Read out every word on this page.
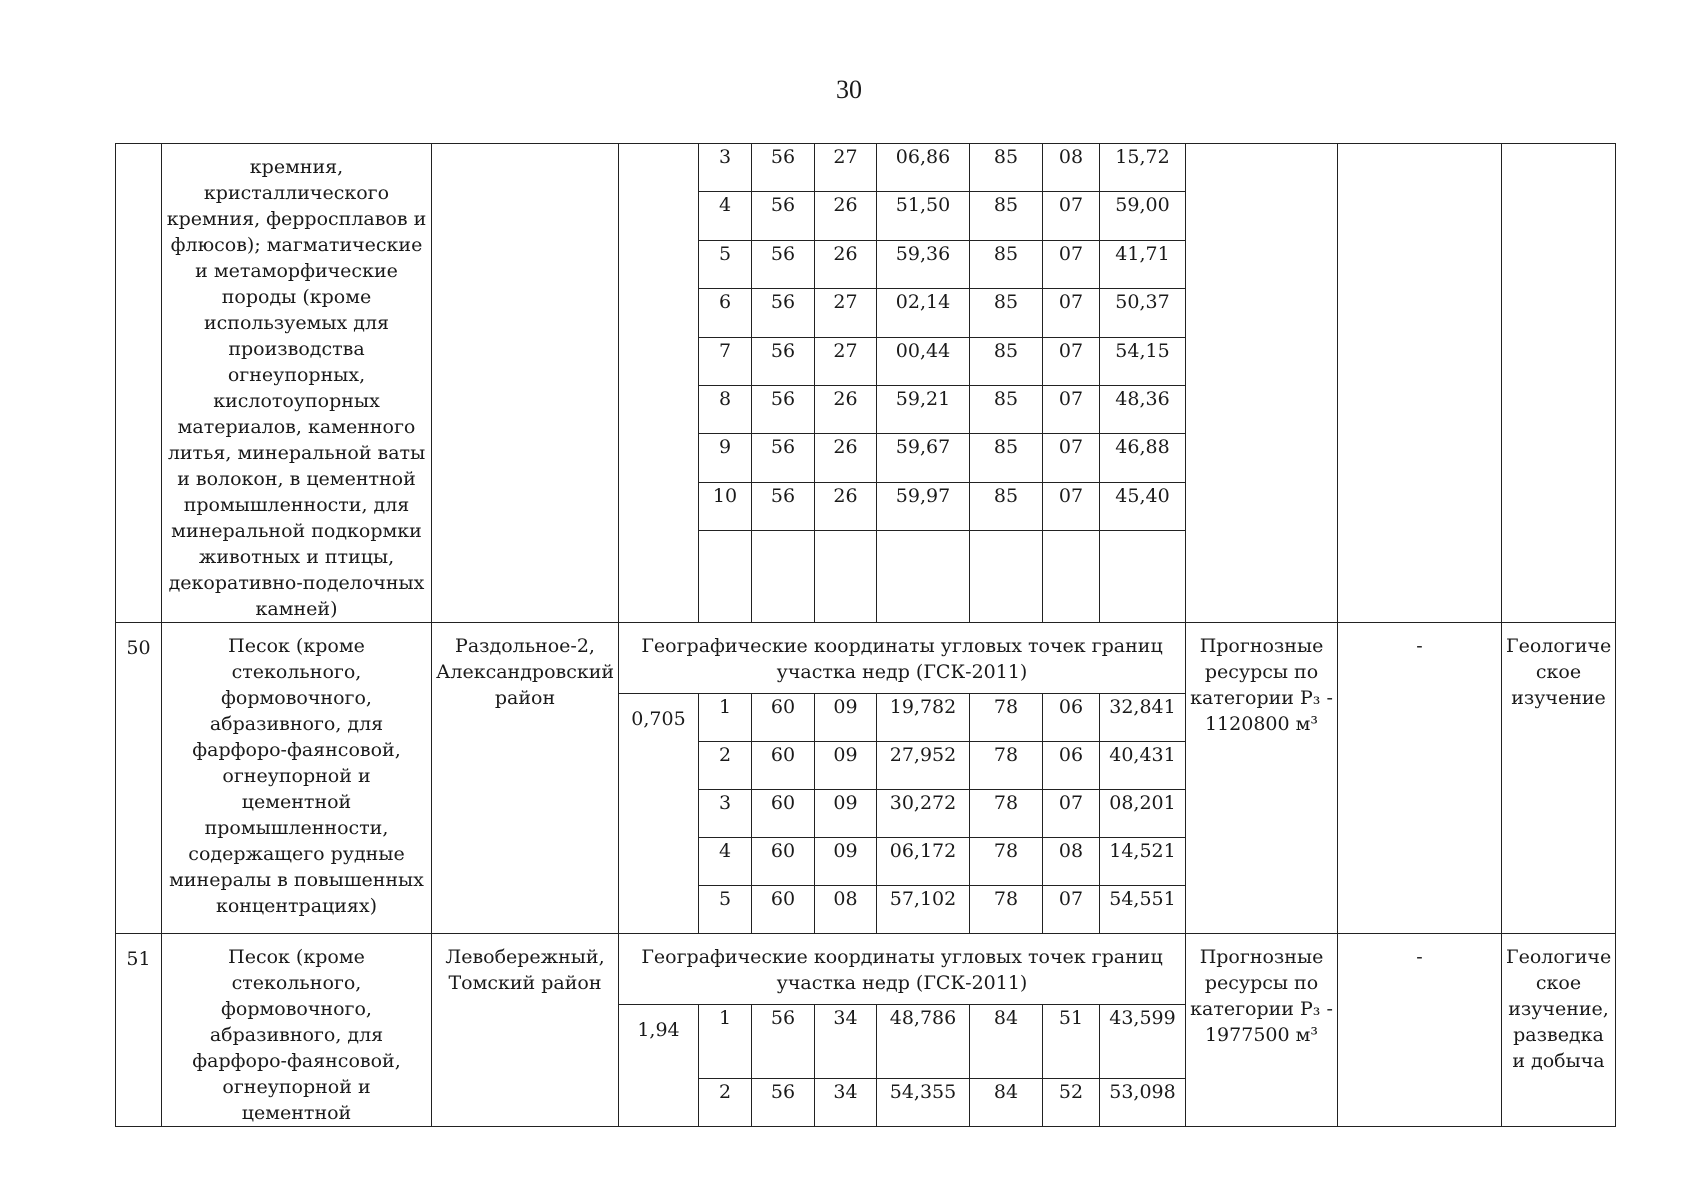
30
	кремния, кристаллического кремния, ферросплавов и флюсов); магматические и метаморфические породы (кроме используемых для производства огнеупорных, кислотоупорных материалов, каменного литья, минеральной ваты и волокон, в цементной промышленности, для минеральной подкормки животных и птицы, декоративно-поделочных камней)			3	56	27	06,86	85	08	15,72			
				4	56	26	51,50	85	07	59,00			
				5	56	26	59,36	85	07	41,71			
				6	56	27	02,14	85	07	50,37			
				7	56	27	00,44	85	07	54,15			
				8	56	26	59,21	85	07	48,36			
				9	56	26	59,67	85	07	46,88			
				10	56	26	59,97	85	07	45,40			

50	Песок (кроме стекольного, формовочного, абразивного, для фарфоро-фаянсовой, огнеупорной и цементной промышленности, содержащего рудные минералы в повышенных концентрациях)	Раздольное-2, Александровский район	Географические координаты угловых точек границ участка недр (ГСК-2011)								Прогнозные ресурсы по категории P₃ - 1120800 м³	-	Геологиче ское изучение
			0,705	1	60	09	19,782	78	06	32,841			
				2	60	09	27,952	78	06	40,431			
				3	60	09	30,272	78	07	08,201			
				4	60	09	06,172	78	08	14,521			
				5	60	08	57,102	78	07	54,551			
51	Песок (кроме стекольного, формовочного, абразивного, для фарфоро-фаянсовой, огнеупорной и цементной	Левобережный, Томский район	Географические координаты угловых точек границ участка недр (ГСК-2011)								Прогнозные ресурсы по категории P₃ - 1977500 м³	-	Геологиче ское изучение, разведка и добыча
			1,94	1	56	34	48,786	84	51	43,599			
				2	56	34	54,355	84	52	53,098			
